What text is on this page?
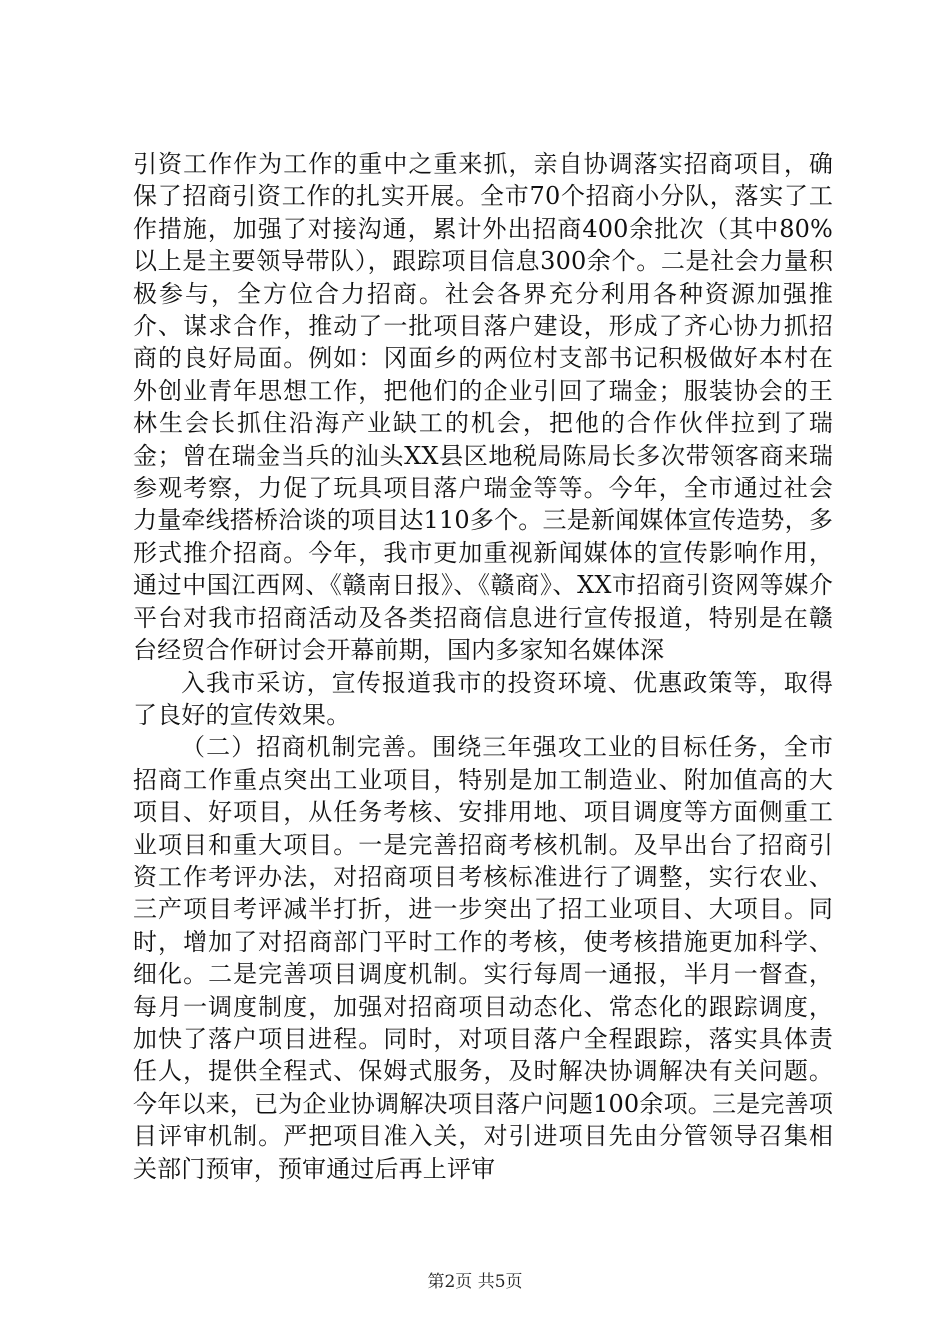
引资工作作为工作的重中之重来抓，亲自协调落实招商项目，确保了招商引资工作的扎实开展。全市70个招商小分队，落实了工作措施，加强了对接沟通，累计外出招商400余批次（其中80%以上是主要领导带队），跟踪项目信息300余个。二是社会力量积极参与，全方位合力招商。社会各界充分利用各种资源加强推介、谋求合作，推动了一批项目落户建设，形成了齐心协力抓招商的良好局面。例如：冈面乡的两位村支部书记积极做好本村在外创业青年思想工作，把他们的企业引回了瑞金；服装协会的王林生会长抓住沿海产业缺工的机会，把他的合作伙伴拉到了瑞金；曾在瑞金当兵的汕头XX县区地税局陈局长多次带领客商来瑞参观考察，力促了玩具项目落户瑞金等等。今年，全市通过社会力量牵线搭桥洽谈的项目达110多个。三是新闻媒体宣传造势，多形式推介招商。今年，我市更加重视新闻媒体的宣传影响作用，通过中国江西网、《赣南日报》、《赣商》、XX市招商引资网等媒介平台对我市招商活动及各类招商信息进行宣传报道，特别是在赣台经贸合作研讨会开幕前期，国内多家知名媒体深

入我市采访，宣传报道我市的投资环境、优惠政策等，取得了良好的宣传效果。

（二）招商机制完善。围绕三年强攻工业的目标任务，全市招商工作重点突出工业项目，特别是加工制造业、附加值高的大项目、好项目，从任务考核、安排用地、项目调度等方面侧重工业项目和重大项目。一是完善招商考核机制。及早出台了招商引资工作考评办法，对招商项目考核标准进行了调整，实行农业、三产项目考评减半打折，进一步突出了招工业项目、大项目。同时，增加了对招商部门平时工作的考核，使考核措施更加科学、细化。二是完善项目调度机制。实行每周一通报，半月一督查，每月一调度制度，加强对招商项目动态化、常态化的跟踪调度，加快了落户项目进程。同时，对项目落户全程跟踪，落实具体责任人，提供全程式、保姆式服务，及时解决协调解决有关问题。今年以来，已为企业协调解决项目落户问题100余项。三是完善项目评审机制。严把项目准入关，对引进项目先由分管领导召集相关部门预审，预审通过后再上评审

第2页 共5页
